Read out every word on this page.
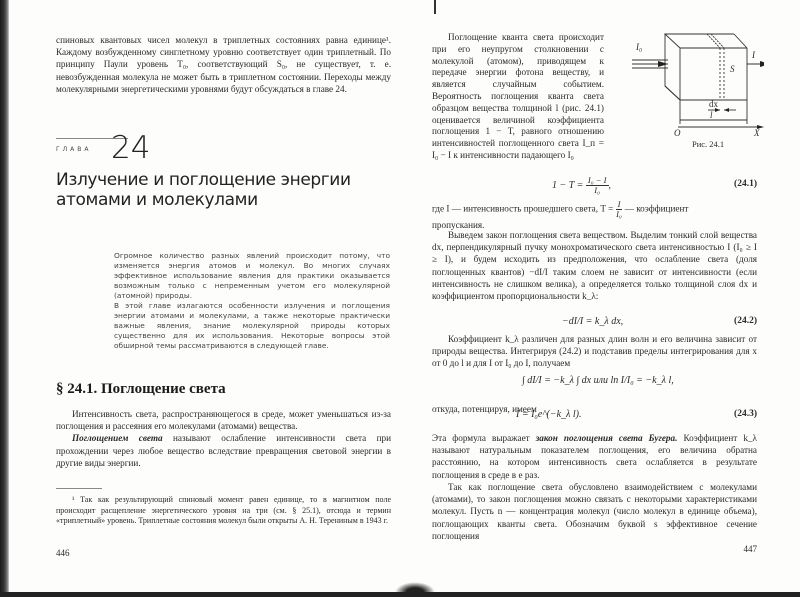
спиновых квантовых чисел молекул в триплетных состояниях равна единице¹. Каждому возбужденному синглетному уровню соответствует один триплетный. По принципу Паули уровень T₀, соответствующий S₀, не существует, т. е. невозбужденная молекула не может быть в триплетном состоянии. Переходы между молекулярными энергетическими уровнями будут обсуждаться в главе 24.

ГЛАВА 24
Излучение и поглощение энергии
атомами и молекулами

Огромное количество разных явлений происходит потому, что изменяется энергия атомов и молекул. Во многих случаях эффективное использование явления для практики оказывается возможным только с непременным учетом его молекулярной (атомной) природы.

В этой главе излагаются особенности излучения и поглощения энергии атомами и молекулами, а также некоторые практически важные явления, знание молекулярной природы которых существенно для их использования. Некоторые вопросы этой обширной темы рассматриваются в следующей главе.

§ 24.1. Поглощение света

Интенсивность света, распространяющегося в среде, может уменьшаться из-за поглощения и рассеяния его молекулами (атомами) вещества.

Поглощением света называют ослабление интенсивности света при прохождении через любое вещество вследствие превращения световой энергии в другие виды энергии.

¹ Так как результирующий спиновый момент равен единице, то в магнитном поле происходит расщепление энергетического уровня на три (см. § 25.1), отсюда и термин «триплетный» уровень. Триплетные состояния молекул были открыты А. Н. Терениным в 1943 г.

446

Поглощение кванта света происходит при его неупругом столкновении с молекулой (атомом), приводящем к передаче энергии фотона веществу, и является случайным событием. Вероятность поглощения кванта света образцом вещества толщиной l (рис. 24.1) оценивается величиной коэффициента поглощения 1 − T, равного отношению интенсивностей поглощенного света I_п = I₀ − I к интенсивности падающего I₀

I₀
I
S
dx
l
O	X
Рис. 24.1
$1 - T = \frac{\text{I₀ − I}}{\text{I₀}}$ ,	(24.1)

где I — интенсивность прошедшего света, $T = \frac{I}{\text{I₀}}$ — коэффициент
пропускания.

Выведем закон поглощения света веществом. Выделим тонкий слой вещества dx, перпендикулярный пучку монохроматического света интенсивностью I (I₀ ≥ I ≥ I), и будем исходить из предположения, что ослабление света (доля поглощенных квантов) −dI/I таким слоем не зависит от интенсивности (если интенсивность не слишком велика), а определяется только толщиной слоя dx и коэффициентом пропорциональности k_λ:

−dI/I = k_λ dx,	(24.2)

Коэффициент k_λ различен для разных длин волн и его величина зависит от природы вещества. Интегрируя (24.2) и подставив пределы интегрирования для x от 0 до l и для I от I₀ до I, получаем

∫ dI/I = −k_λ ∫ dx или ln I/I₀ = −k_λ l,

откуда, потенцируя, имеем

I = I₀e^(−k_λ l).	(24.3)

Эта формула выражает закон поглощения света Бугера. Коэффициент k_λ называют натуральным показателем поглощения, его величина обратна расстоянию, на котором интенсивность света ослабляется в результате поглощения в среде в e раз.

Так как поглощение света обусловлено взаимодействием с молекулами (атомами), то закон поглощения можно связать с некоторыми характеристиками молекул. Пусть n — концентрация молекул (число молекул в единице объема), поглощающих кванты света. Обозначим буквой s эффективное сечение поглощения

447
